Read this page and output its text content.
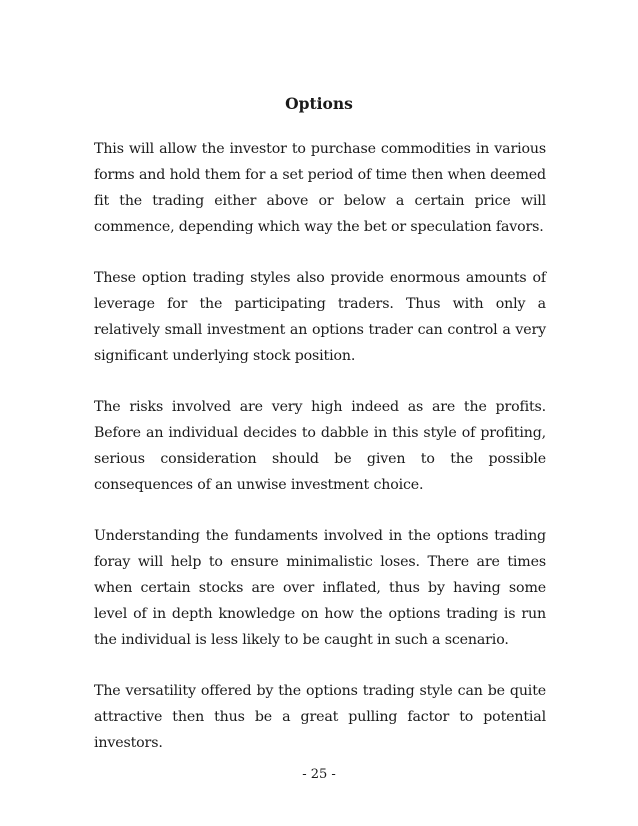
Options

This will allow the investor to purchase commodities in various forms and hold them for a set period of time then when deemed fit the trading either above or below a certain price will commence, depending which way the bet or speculation favors.

These option trading styles also provide enormous amounts of leverage for the participating traders. Thus with only a relatively small investment an options trader can control a very significant underlying stock position.

The risks involved are very high indeed as are the profits. Before an individual decides to dabble in this style of profiting, serious consideration should be given to the possible consequences of an unwise investment choice.

Understanding the fundaments involved in the options trading foray will help to ensure minimalistic loses. There are times when certain stocks are over inflated, thus by having some level of in depth knowledge on how the options trading is run the individual is less likely to be caught in such a scenario.

The versatility offered by the options trading style can be quite attractive then thus be a great pulling factor to potential investors.

- 25 -
